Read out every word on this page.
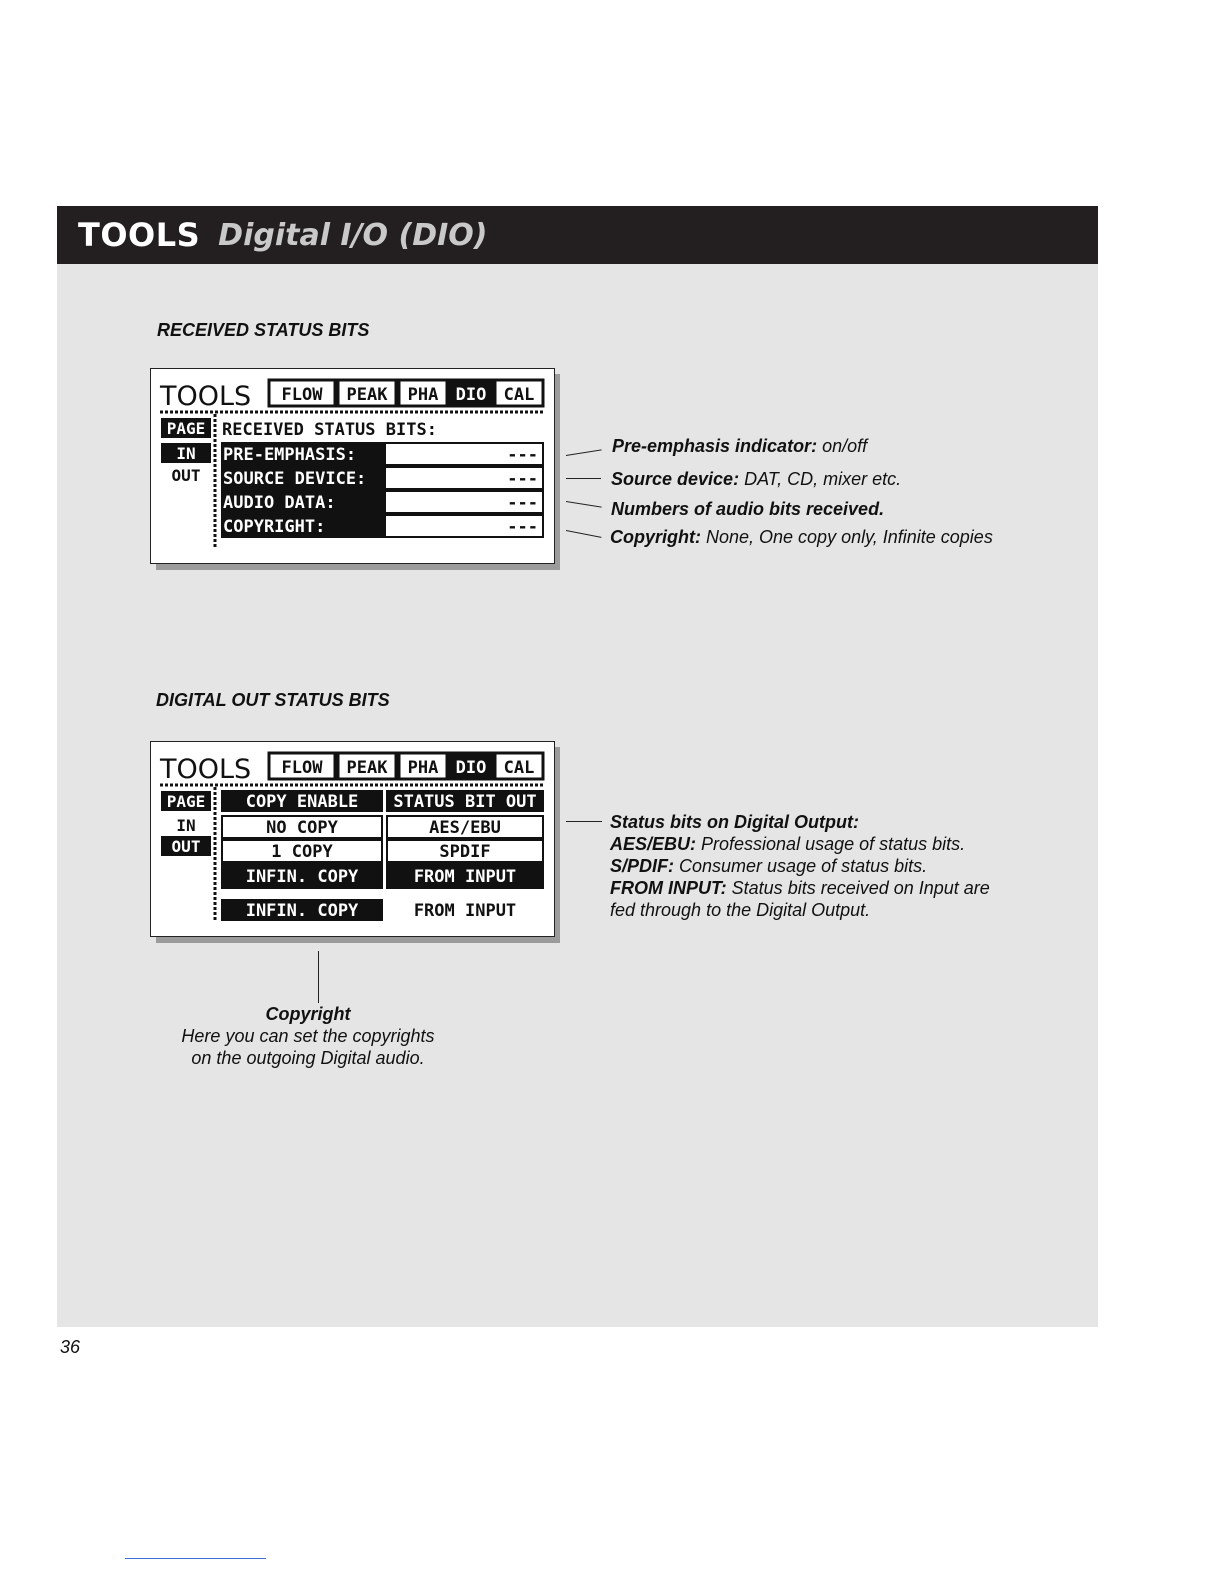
TOOLS Digital I/O (DIO)
RECEIVED STATUS BITS
TOOLS FLOW PEAK PHA DIO CAL
PAGE
IN
OUT
RECEIVED STATUS BITS:
PRE-EMPHASIS:
SOURCE DEVICE:
AUDIO DATA:
COPYRIGHT:
---
---
---
---
Pre-emphasis indicator: on/off
Source device: DAT, CD, mixer etc.
Numbers of audio bits received.
Copyright: None, One copy only, Infinite copies
DIGITAL OUT STATUS BITS
TOOLS FLOW PEAK PHA DIO CAL
PAGE
IN
OUT
COPY ENABLE STATUS BIT OUT
NO COPY
1 COPY
INFIN. COPY
AES/EBU
SPDIF
FROM INPUT
INFIN. COPY	FROM INPUT
Status bits on Digital Output:
AES/EBU: Professional usage of status bits.
S/PDIF: Consumer usage of status bits.
FROM INPUT: Status bits received on Input are
fed through to the Digital Output.
Copyright
Here you can set the copyrights
on the outgoing Digital audio.
36
